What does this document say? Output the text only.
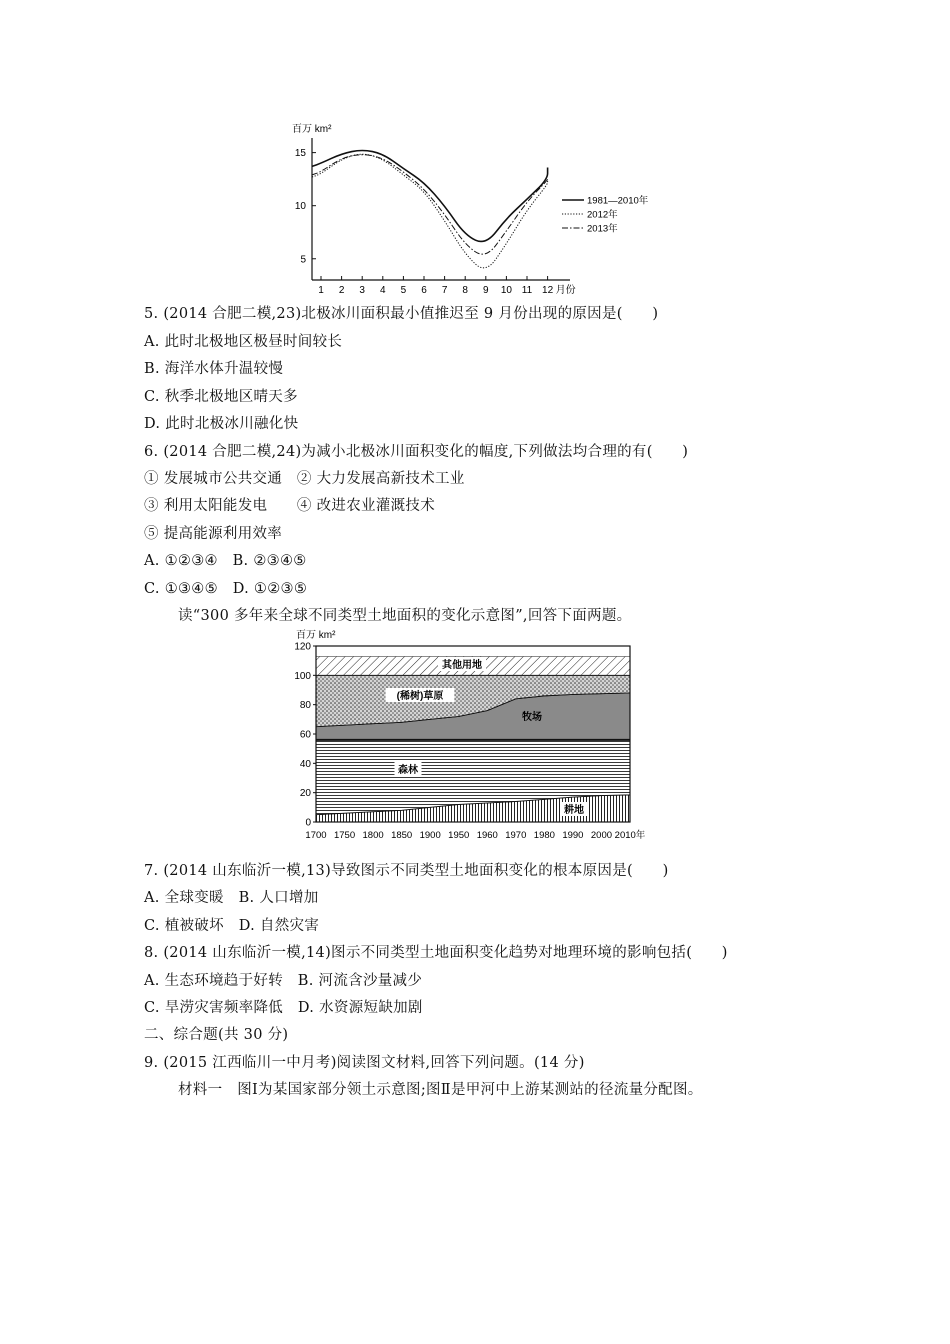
百万 km²
5
10
15
1 2 3 4 5 6 7 8 9 10 11 12 月份
1981—2010年
2012年
2013年
5. (2014 合肥二模,23)北极冰川面积最小值推迟至 9 月份出现的原因是(　　)
A. 此时北极地区极昼时间较长
B. 海洋水体升温较慢
C. 秋季北极地区晴天多
D. 此时北极冰川融化快
6. (2014 合肥二模,24)为减小北极冰川面积变化的幅度,下列做法均合理的有(　　)
① 发展城市公共交通　② 大力发展高新技术工业
③ 利用太阳能发电　　④ 改进农业灌溉技术
⑤ 提高能源利用效率
A. ①②③④　B. ②③④⑤
C. ①③④⑤　D. ①②③⑤
读“300 多年来全球不同类型土地面积的变化示意图”,回答下面两题。
百万 km²
0
20
40
60
80
100
120
1700 1750 1800 1850 1900 1950 1960 1970 1980 1990 2000 2010年
其他用地
(稀树)草原
牧场
森林
耕地
7. (2014 山东临沂一模,13)导致图示不同类型土地面积变化的根本原因是(　　)
A. 全球变暖　B. 人口增加
C. 植被破坏　D. 自然灾害
8. (2014 山东临沂一模,14)图示不同类型土地面积变化趋势对地理环境的影响包括(　　)
A. 生态环境趋于好转　B. 河流含沙量减少
C. 旱涝灾害频率降低　D. 水资源短缺加剧
二、综合题(共 30 分)
9. (2015 江西临川一中月考)阅读图文材料,回答下列问题。(14 分)
材料一　图Ⅰ为某国家部分领土示意图;图Ⅱ是甲河中上游某测站的径流量分配图。
